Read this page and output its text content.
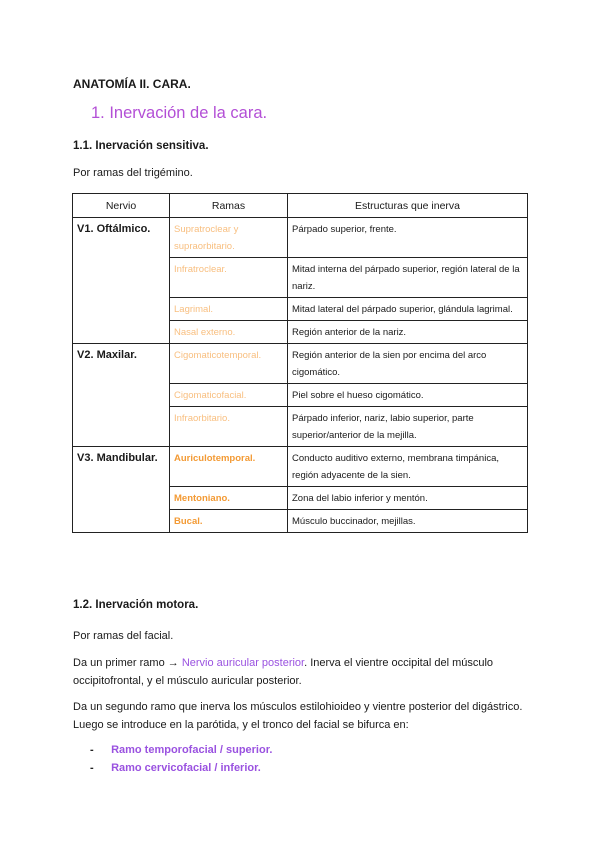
ANATOMÍA II. CARA.
1. Inervación de la cara.
1.1. Inervación sensitiva.
Por ramas del trigémino.
Nervio	Ramas	Estructuras que inerva
V1. Oftálmico.	Supratroclear y supraorbitario.	Párpado superior, frente.
	Infratroclear.	Mitad interna del párpado superior, región lateral de la nariz.
	Lagrimal.	Mitad lateral del párpado superior, glándula lagrimal.
	Nasal externo.	Región anterior de la nariz.
V2. Maxilar.	Cigomaticotemporal.	Región anterior de la sien por encima del arco cigomático.
	Cigomaticofacial.	Piel sobre el hueso cigomático.
	Infraorbitario.	Párpado inferior, nariz, labio superior, parte superior/anterior de la mejilla.
V3. Mandibular.	Auriculotemporal.	Conducto auditivo externo, membrana timpánica, región adyacente de la sien.
	Mentoniano.	Zona del labio inferior y mentón.
	Bucal.	Músculo buccinador, mejillas.
1.2. Inervación motora.
Por ramas del facial.
Da un primer ramo → Nervio auricular posterior. Inerva el vientre occipital del músculo
occipitofrontal, y el músculo auricular posterior.
Da un segundo ramo que inerva los músculos estilohioideo y vientre posterior del digástrico.
Luego se introduce en la parótida, y el tronco del facial se bifurca en:
- Ramo temporofacial / superior.
- Ramo cervicofacial / inferior.
